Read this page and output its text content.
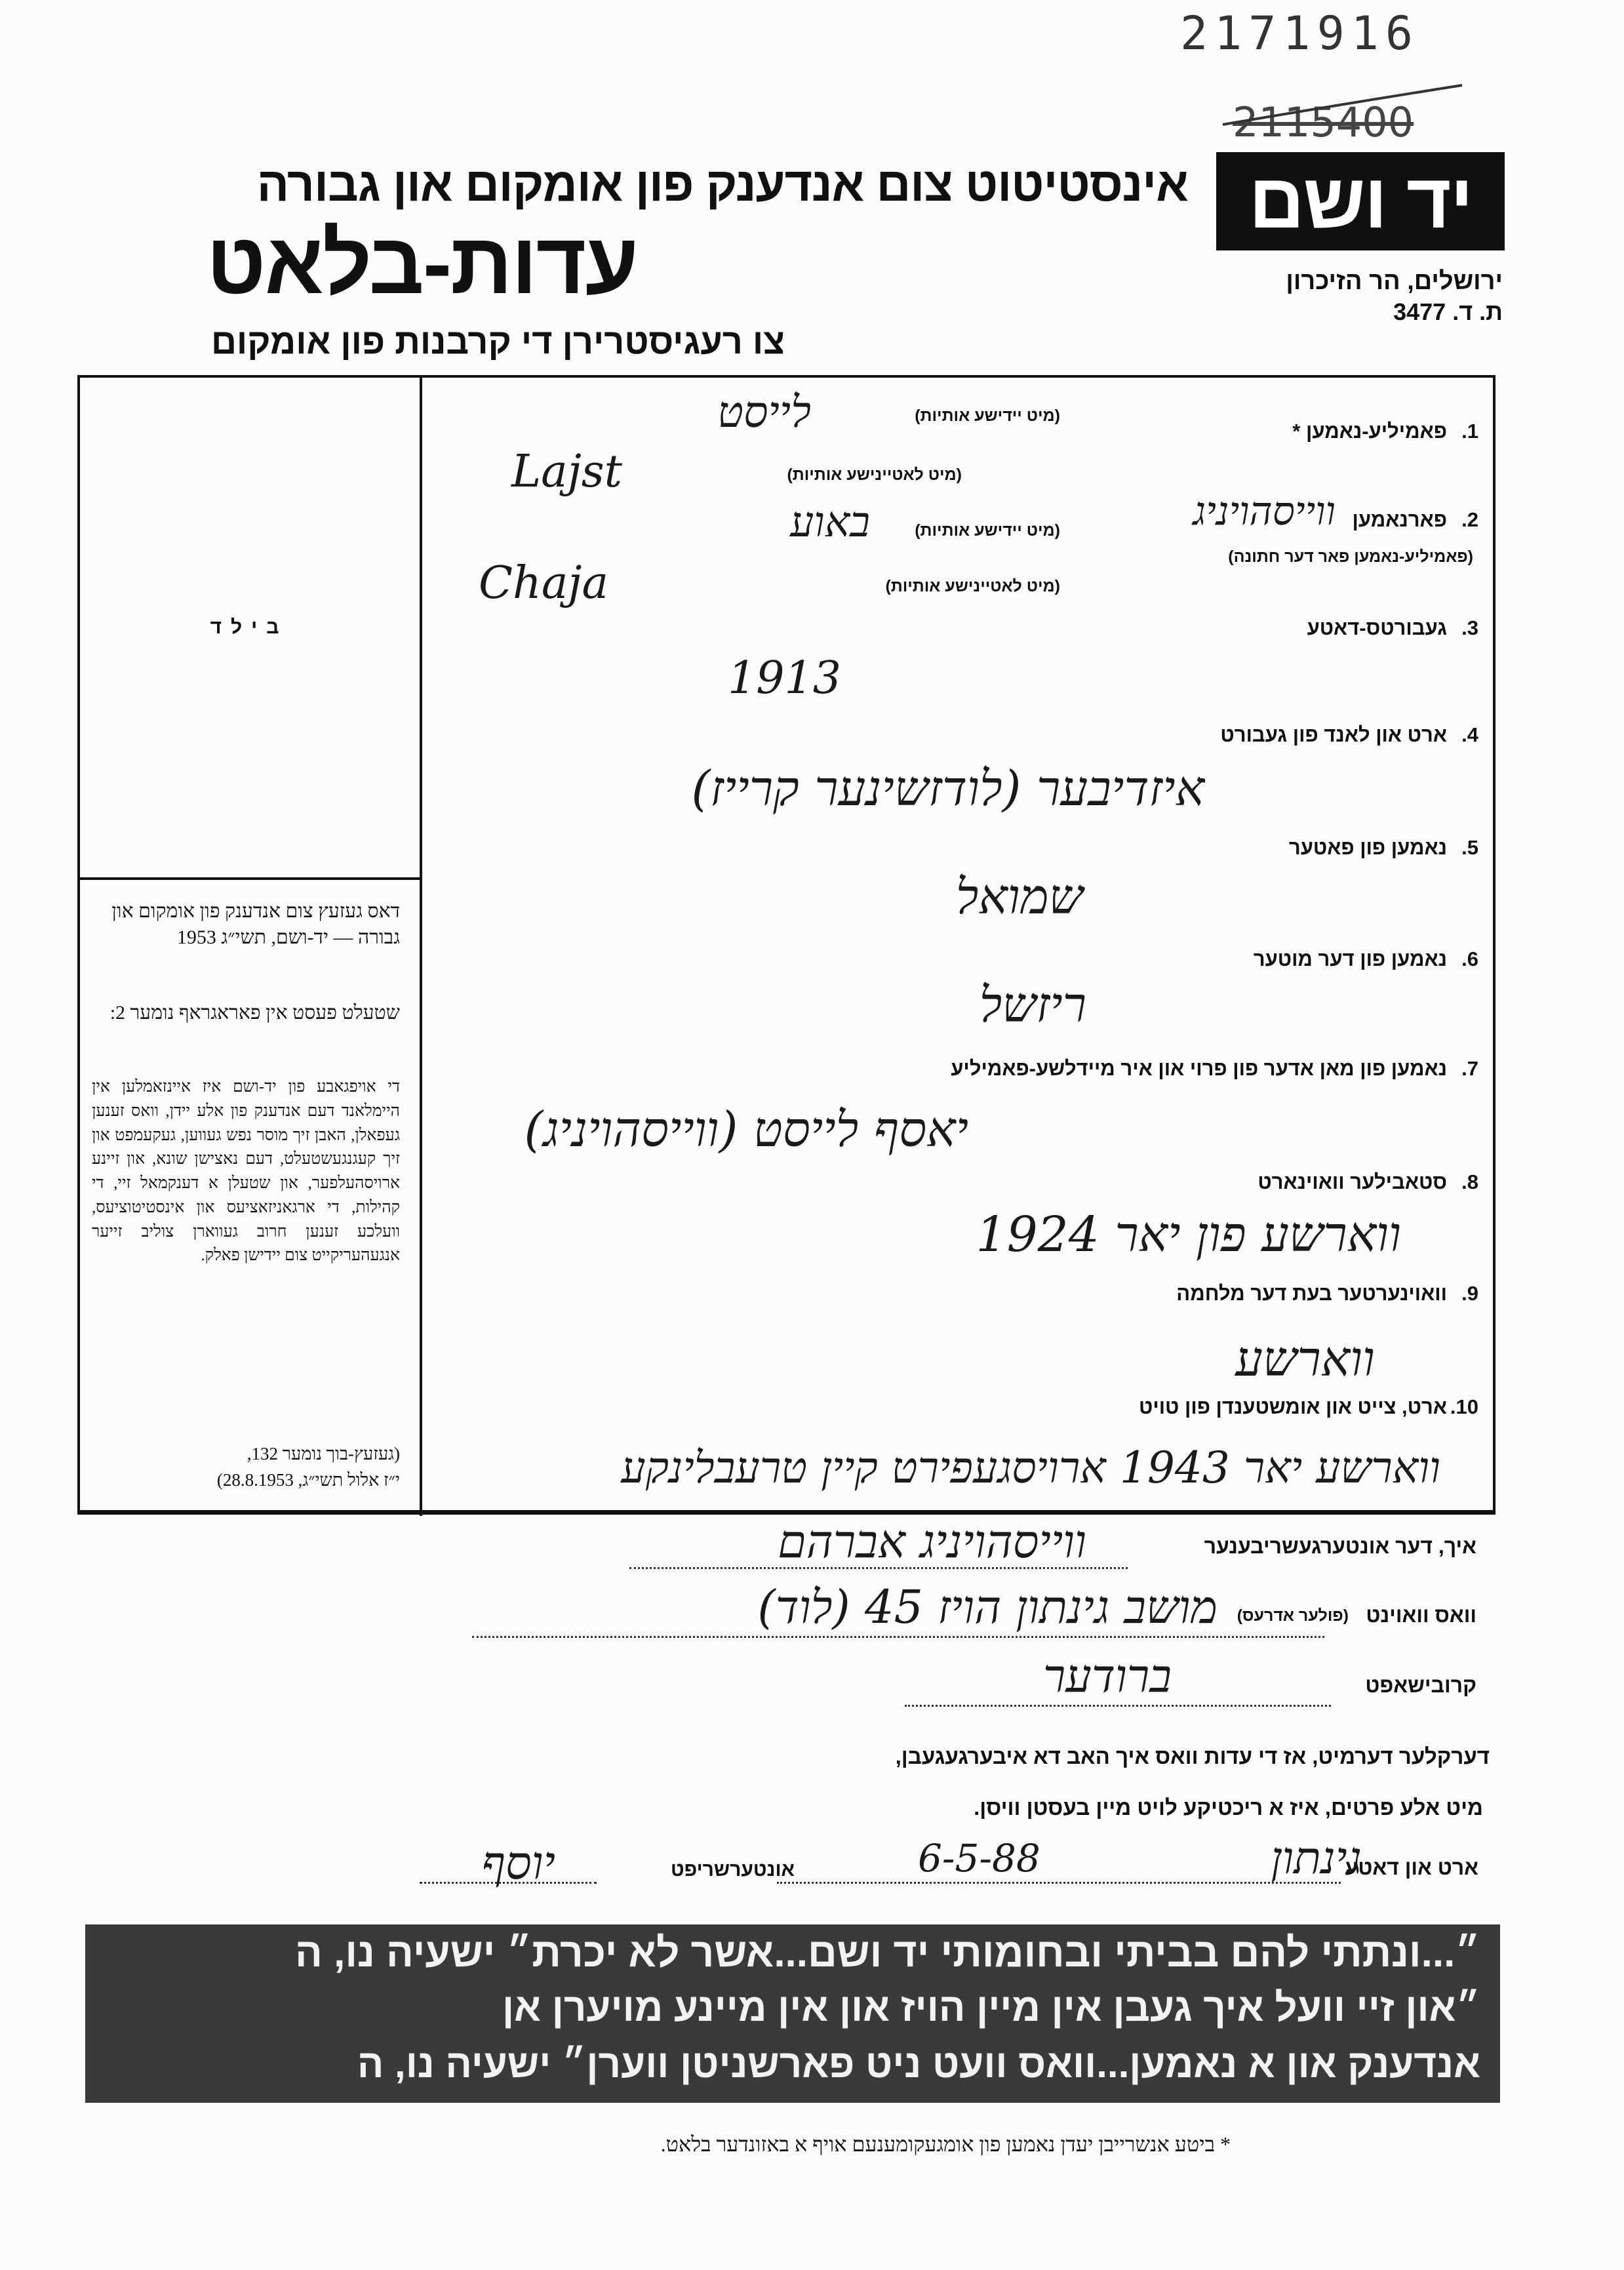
2171916
2115400
יד ושם
ירושלים, הר הזיכרון
ת. ד. 3477
אינסטיטוט צום אנדענק פון אומקום און גבורה
עדות-בלאט
צו רעגיסטרירן די קרבנות פון אומקום
בילד
דאס געזעץ צום אנדענק פון אומקום און גבורה — יד-ושם, תשי״ג 1953
שטעלט פעסט אין פאראגראף נומער 2:
די אויפגאבע פון יד-ושם איז איינזאמלען אין היימלאנד דעם אנדענק פון אלע יידן, וואס זענען געפאלן, האבן זיך מוסר נפש געווען, געקעמפט און זיך קעגנגעשטעלט, דעם נאצישן שונא, און זיינע ארויסהעלפער, און שטעלן א דענקמאל זיי, די קהילות, די ארגאניזאציעס און אינסטיטוציעס, וועלכע זענען חרוב געווארן צוליב זייער אנגעהעריקייט צום יידישן פאלק.
(געזעץ-בוך נומער 132,
י״ז אלול תשי״ג, 28.8.1953)
1.
פאמיליע-נאמען *
(מיט יידישע אותיות)
לייסט
(מיט לאטיינישע אותיות)
Lajst
2.
פארנאמען
ווייסהויניג
(פאמיליע-נאמען פאר דער חתונה)
(מיט יידישע אותיות)
באוע
(מיט לאטיינישע אותיות)
Chaja
3.
געבורטס-דאטע
1913
4.
ארט און לאנד פון געבורט
איזדיבער (לודזשינער קרייז)
5.
נאמען פון פאטער
שמואל
6.
נאמען פון דער מוטער
ריזשל
7.
נאמען פון מאן אדער פון פרוי און איר מיידלשע-פאמיליע
יאסף לייסט (ווייסהויניג)
8.
סטאבילער וואוינארט
ווארשע פון יאר 1924
9.
וואוינערטער בעת דער מלחמה
ווארשע
10.
ארט, צייט און אומשטענדן פון טויט
ווארשע יאר 1943 ארויסגעפירט קיין טרעבלינקע
איך, דער אונטערגעשריבענער
ווייסהויניג אברהם
וואס וואוינט
(פולער אדרעס)
מושב גינתון הויז 45 (לוד)
קרובישאפט
ברודער
דערקלער דערמיט, אז די עדות וואס איך האב דא איבערגעגעבן,
מיט אלע פרטים, איז א ריכטיקע לויט מיין בעסטן וויסן.
ארט און דאטע
גינתון
6-5-88
אונטערשריפט
יוסף
״...ונתתי להם בביתי ובחומותי יד ושם...אשר לא יכרת״ ישעיה נו, ה
״און זיי וועל איך געבן אין מיין הויז און אין מיינע מויערן אן
אנדענק און א נאמען...וואס וועט ניט פארשניטן ווערן״ ישעיה נו, ה
* ביטע אנשרייבן יעדן נאמען פון אומגעקומענעם אויף א באזונדער בלאט.
